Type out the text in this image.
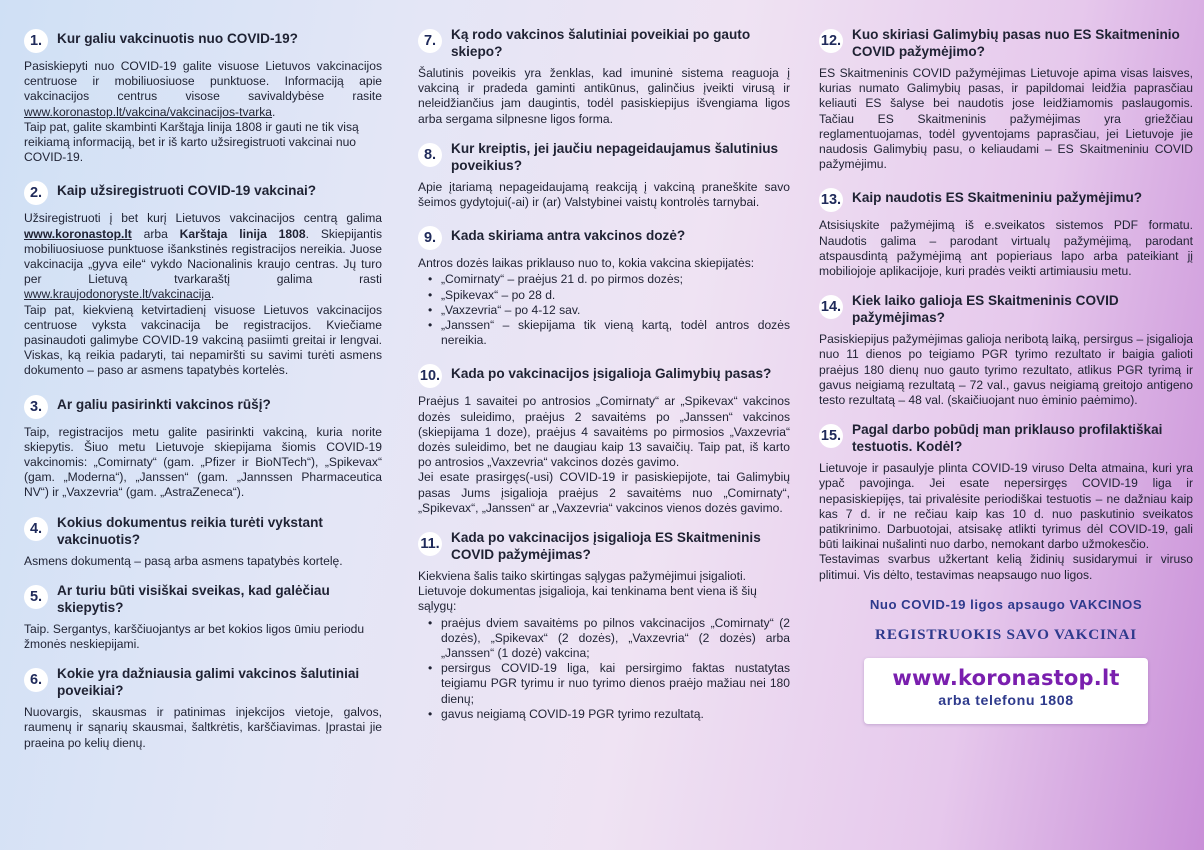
1.	Kur galiu vakcinuotis nuo COVID-19?

Pasiskiepyti nuo COVID-19 galite visuose Lietuvos vakcinacijos centruose ir mobiliuosiuose punktuose. Informaciją apie vakcinacijos centrus visose savivaldybėse rasite www.koronastop.lt/vakcina/vakcinacijos-tvarka.

Taip pat, galite skambinti Karštąja linija 1808 ir gauti ne tik visą reikiamą informaciją, bet ir iš karto užsiregistruoti vakcinai nuo COVID-19.

2.	Kaip užsiregistruoti COVID-19 vakcinai?

Užsiregistruoti į bet kurį Lietuvos vakcinacijos centrą galima www.koronastop.lt arba Karštaja linija 1808. Skiepijantis mobiliuosiuose punktuose išankstinės registracijos nereikia. Juose vakcinacija „gyva eile“ vykdo Nacionalinis kraujo centras. Jų turo per Lietuvą tvarkaraštį galima rasti www.kraujodonoryste.lt/vakcinacija.

Taip pat, kiekvieną ketvirtadienį visuose Lietuvos vakcinacijos centruose vyksta vakcinacija be registracijos. Kviečiame pasinaudoti galimybe COVID-19 vakciną pasiimti greitai ir lengvai. Viskas, ką reikia padaryti, tai nepamiršti su savimi turėti asmens dokumento – paso ar asmens tapatybės kortelės.

3.	Ar galiu pasirinkti vakcinos rūšį?

Taip, registracijos metu galite pasirinkti vakciną, kuria norite skiepytis. Šiuo metu Lietuvoje skiepijama šiomis COVID-19 vakcinomis: „Comirnaty“ (gam. „Pfizer ir BioNTech“), „Spikevax“ (gam. „Moderna“), „Janssen“ (gam. „Jannssen Pharmaceutica NV“) ir „Vaxzevria“ (gam. „AstraZeneca“).

4.	Kokius dokumentus reikia turėti vykstant vakcinuotis?

Asmens dokumentą – pasą arba asmens tapatybės kortelę.

5.	Ar turiu būti visiškai sveikas, kad galėčiau skiepytis?

Taip. Sergantys, karščiuojantys ar bet kokios ligos ūmiu periodu žmonės neskiepijami.

6.	Kokie yra dažniausia galimi vakcinos šalutiniai poveikiai?

Nuovargis, skausmas ir patinimas injekcijos vietoje, galvos, raumenų ir sąnarių skausmai, šaltkrėtis, karščiavimas. Įprastai jie praeina po kelių dienų.

7.	Ką rodo vakcinos šalutiniai poveikiai po gauto skiepo?

Šalutinis poveikis yra ženklas, kad imuninė sistema reaguoja į vakciną ir pradeda gaminti antikūnus, galinčius įveikti virusą ir neleidžiančius jam daugintis, todėl pasiskiepijus išvengiama ligos arba sergama silpnesne ligos forma.

8.	Kur kreiptis, jei jaučiu nepageidaujamus šalutinius poveikius?

Apie įtariamą nepageidaujamą reakciją į vakciną praneškite savo šeimos gydytojui(-ai) ir (ar) Valstybinei vaistų kontrolės tarnybai.

9.	Kada skiriama antra vakcinos dozė?

Antros dozės laikas priklauso nuo to, kokia vakcina skiepijatės:

• „Comirnaty“ – praėjus 21 d. po pirmos dozės;
• „Spikevax“ – po 28 d.
• „Vaxzevria“ – po 4-12 sav.
• „Janssen“ – skiepijama tik vieną kartą, todėl antros dozės nereikia.
10. Kada po vakcinacijos įsigalioja Galimybių pasas?

Praėjus 1 savaitei po antrosios „Comirnaty“ ar „Spikevax“ vakcinos dozės suleidimo, praėjus 2 savaitėms po „Janssen“ vakcinos (skiepijama 1 doze), praėjus 4 savaitėms po pirmosios „Vaxzevria“ dozės suleidimo, bet ne daugiau kaip 13 savaičių. Taip pat, iš karto po antrosios „Vaxzevria“ vakcinos dozės gavimo.

Jei esate prasirgęs(-usi) COVID-19 ir pasiskiepijote, tai Galimybių pasas Jums įsigalioja praėjus 2 savaitėms nuo „Comirnaty“, „Spikevax“, „Janssen“ ar „Vaxzevria“ vakcinos vienos dozės gavimo.

11. Kada po vakcinacijos įsigalioja ES Skaitmeninis COVID pažymėjimas?

Kiekviena šalis taiko skirtingas sąlygas pažymėjimui įsigalioti. Lietuvoje dokumentas įsigalioja, kai tenkinama bent viena iš šių sąlygų:

• praėjus dviem savaitėms po pilnos vakcinacijos „Comirnaty“ (2 dozės), „Spikevax“ (2 dozės), „Vaxzevria“ (2 dozės) arba „Janssen“ (1 dozė) vakcina;
• persirgus COVID-19 liga, kai persirgimo faktas nustatytas teigiamu PGR tyrimu ir nuo tyrimo dienos praėjo mažiau nei 180 dienų;
• gavus neigiamą COVID-19 PGR tyrimo rezultatą.
12. Kuo skiriasi Galimybių pasas nuo ES Skaitmeninio COVID pažymėjimo?

ES Skaitmeninis COVID pažymėjimas Lietuvoje apima visas laisves, kurias numato Galimybių pasas, ir papildomai leidžia paprasčiau keliauti ES šalyse bei naudotis jose leidžiamomis paslaugomis. Tačiau ES Skaitmeninis pažymėjimas yra griežčiau reglamentuojamas, todėl gyventojams paprasčiau, jei Lietuvoje jie naudosis Galimybių pasu, o keliaudami – ES Skaitmeniniu COVID pažymėjimu.

13. Kaip naudotis ES Skaitmeniniu pažymėjimu?

Atsisiųskite pažymėjimą iš e.sveikatos sistemos PDF formatu. Naudotis galima – parodant virtualų pažymėjimą, parodant atspausdintą pažymėjimą ant popieriaus lapo arba pateikiant jį mobiliojoje aplikacijoje, kuri pradės veikti artimiausiu metu.

14. Kiek laiko galioja ES Skaitmeninis COVID pažymėjimas?

Pasiskiepijus pažymėjimas galioja neribotą laiką, persirgus – įsigalioja nuo 11 dienos po teigiamo PGR tyrimo rezultato ir baigia galioti praėjus 180 dienų nuo gauto tyrimo rezultato, atlikus PGR tyrimą ir gavus neigiamą rezultatą – 72 val., gavus neigiamą greitojo antigeno testo rezultatą – 48 val. (skaičiuojant nuo ėminio paėmimo).

15. Pagal darbo pobūdį man priklauso profilaktiškai testuotis. Kodėl?

Lietuvoje ir pasaulyje plinta COVID-19 viruso Delta atmaina, kuri yra ypač pavojinga. Jei esate nepersirgęs COVID-19 liga ir nepasiskiepijęs, tai privalėsite periodiškai testuotis – ne dažniau kaip kas 7 d. ir ne rečiau kaip kas 10 d. nuo paskutinio sveikatos patikrinimo. Darbuotojai, atsisakę atlikti tyrimus dėl COVID-19, gali būti laikinai nušalinti nuo darbo, nemokant darbo užmokesčio.

Testavimas svarbus užkertant kelią židinių susidarymui ir viruso plitimui. Vis dėlto, testavimas neapsaugo nuo ligos.

Nuo COVID-19 ligos apsaugo VAKCINOS
REGISTRUOKIS SAVO VAKCINAI
www.koronastop.lt
arba telefonu 1808
